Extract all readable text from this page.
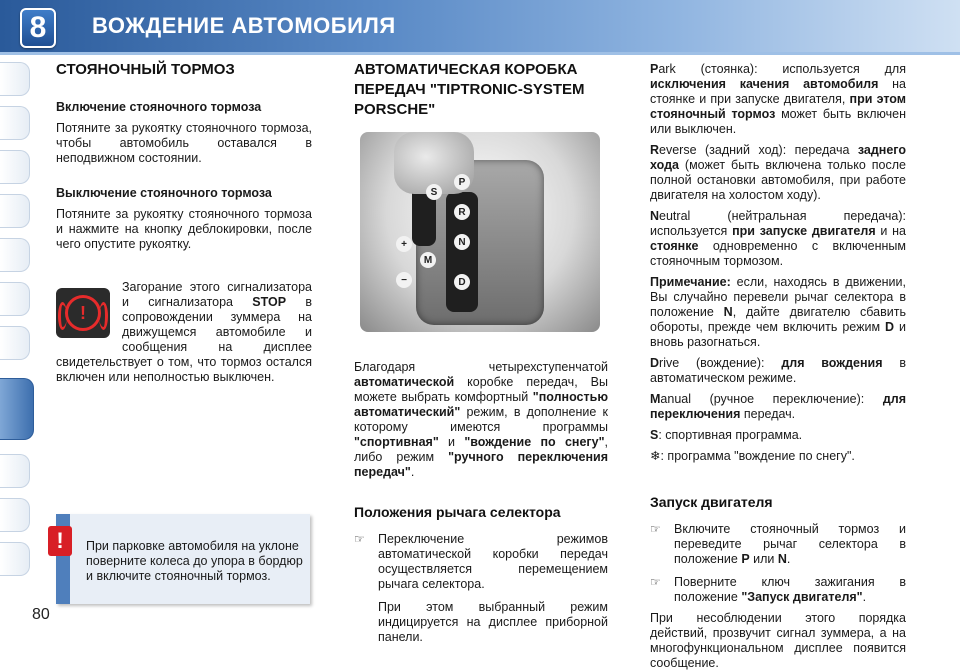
8	ВОЖДЕНИЕ АВТОМОБИЛЯ
СТОЯНОЧНЫЙ ТОРМОЗ
Включение стояночного тормоза

Потяните за рукоятку стояночного тормоза, чтобы автомобиль оставался в неподвижном состоянии.

Выключение стояночного тормоза

Потяните за рукоятку стояночного тормоза и нажмите на кнопку деблокировки, после чего опустите рукоятку.

!

Загорание этого сигнализатора и сигнализатора STOP в сопровождении зуммера на движущемся автомобиле и сообщения на дисплее свидетельствует о том, что тормоз остался включен или неполностью выключен.

!	При парковке автомобиля на уклоне поверните колеса до упора в бордюр и включите стояночный тормоз.
80
АВТОМАТИЧЕСКАЯ КОРОБКА ПЕРЕДАЧ "TIPTRONIC-SYSTEM PORSCHE"
S
P
R
N
D
M
+
−

Благодаря четырехступенчатой автоматической коробке передач, Вы можете выбрать комфортный "полностью автоматический" режим, в дополнение к которому имеются программы "спортивная" и "вождение по снегу", либо режим "ручного переключения передач".

Положения рычага селектора

☞ Переключение режимов автоматической коробки передач осуществляется перемещением рычага селектора.

При этом выбранный режим индицируется на дисплее приборной панели.

Park (стоянка): используется для исключения качения автомобиля на стоянке и при запуске двигателя, при этом стояночный тормоз может быть включен или выключен.

Reverse (задний ход): передача заднего хода (может быть включена только после полной остановки автомобиля, при работе двигателя на холостом ходу).

Neutral (нейтральная передача): используется при запуске двигателя и на стоянке одновременно с включенным стояночным тормозом.

Примечание: если, находясь в движении, Вы случайно перевели рычаг селектора в положение N, дайте двигателю сбавить обороты, прежде чем включить режим D и вновь разогнаться.

Drive (вождение): для вождения в автоматическом режиме.

Manual (ручное переключение): для переключения передач.

S: спортивная программа.

❄: программа "вождение по снегу".

Запуск двигателя

☞ Включите стояночный тормоз и переведите рычаг селектора в положение P или N.

☞ Поверните ключ зажигания в положение "Запуск двигателя".

При несоблюдении этого порядка действий, прозвучит сигнал зуммера, а на многофункциональном дисплее появится сообщение.
